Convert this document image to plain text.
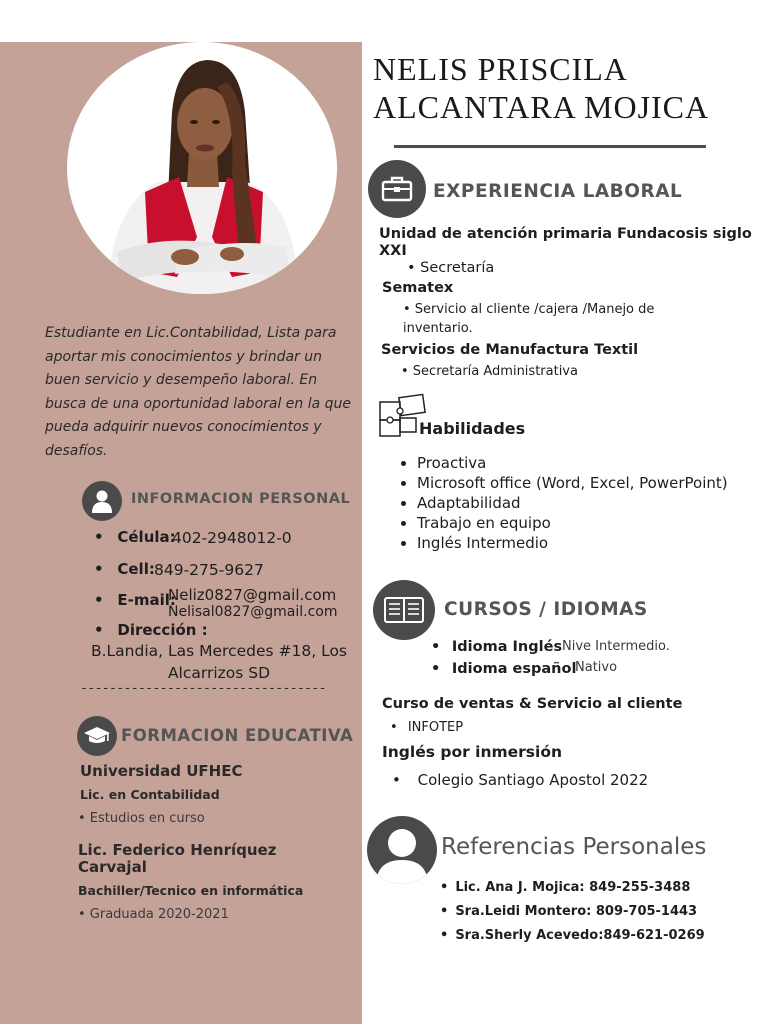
NELIS PRISCILA
ALCANTARA MOJICA
Estudiante en Lic.Contabilidad, Lista para aportar mis conocimientos y brindar un buen servicio y desempeño laboral. En busca de una oportunidad laboral en la que pueda adquirir nuevos conocimientos y desafíos.
INFORMACION PERSONAL
• Célula:
402-2948012-0
• Cell: 849-275-9627
• E-mail:
Neliz0827@gmail.com
Nelisal0827@gmail.com
• Dirección :
B.Landia, Las Mercedes #18, Los
Alcarrizos SD
----------------------------------
FORMACION EDUCATIVA
Universidad UFHEC
Lic. en Contabilidad
• Estudios en curso
Lic. Federico Henríquez
Carvajal
Bachiller/Tecnico en informática
• Graduada 2020-2021
EXPERIENCIA LABORAL
Unidad de atención primaria Fundacosis siglo
XXI
• Secretaría
Sematex
• Servicio al cliente /cajera /Manejo de
inventario.
Servicios de Manufactura Textil
• Secretaría Administrativa
Habilidades
• Proactiva
• Microsoft office (Word, Excel, PowerPoint)
• Adaptabilidad
• Trabajo en equipo
• Inglés Intermedio
CURSOS / IDIOMAS
• Idioma Inglés Nive Intermedio.
• Idioma español
Nativo
Curso de ventas & Servicio al cliente
• INFOTEP
Inglés por inmersión
• Colegio Santiago Apostol 2022
Referencias Personales
• Lic. Ana J. Mojica: 849-255-3488
• Sra.Leidi Montero: 809-705-1443
• Sra.Sherly Acevedo:849-621-0269
